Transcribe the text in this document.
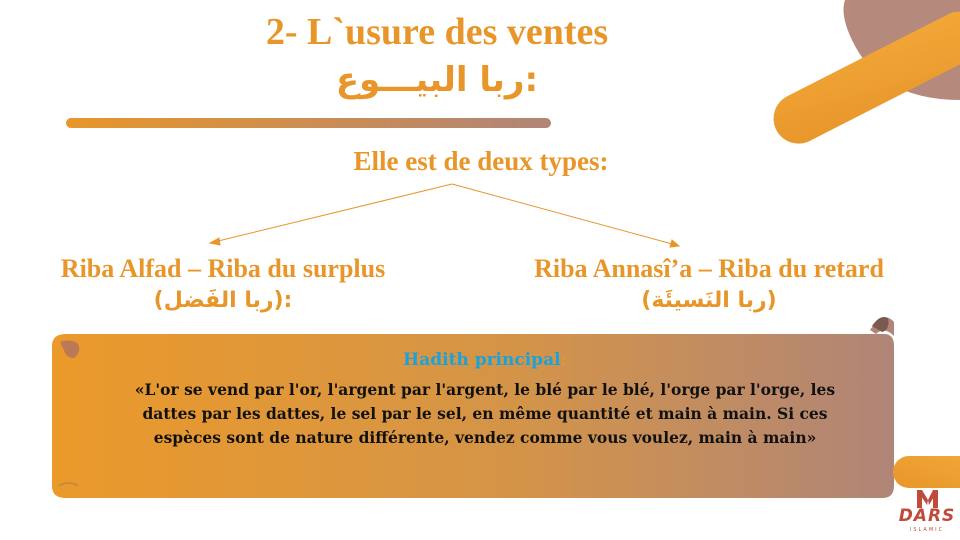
2- L`usure des ventes
ربا البيـــوع:
Elle est de deux types:
Riba Alfad – Riba du surplus
(ربا الفَضل):
Riba Annasî’a – Riba du retard
(ربا النَسيئَة)
Hadith principal:
«L'or se vend par l'or, l'argent par l'argent, le blé par le blé, l'orge par l'orge, les dattes par les dattes, le sel par le sel, en même quantité et main à main. Si ces espèces sont de nature différente, vendez comme vous voulez, main à main»
DARS
ISLAMIC
